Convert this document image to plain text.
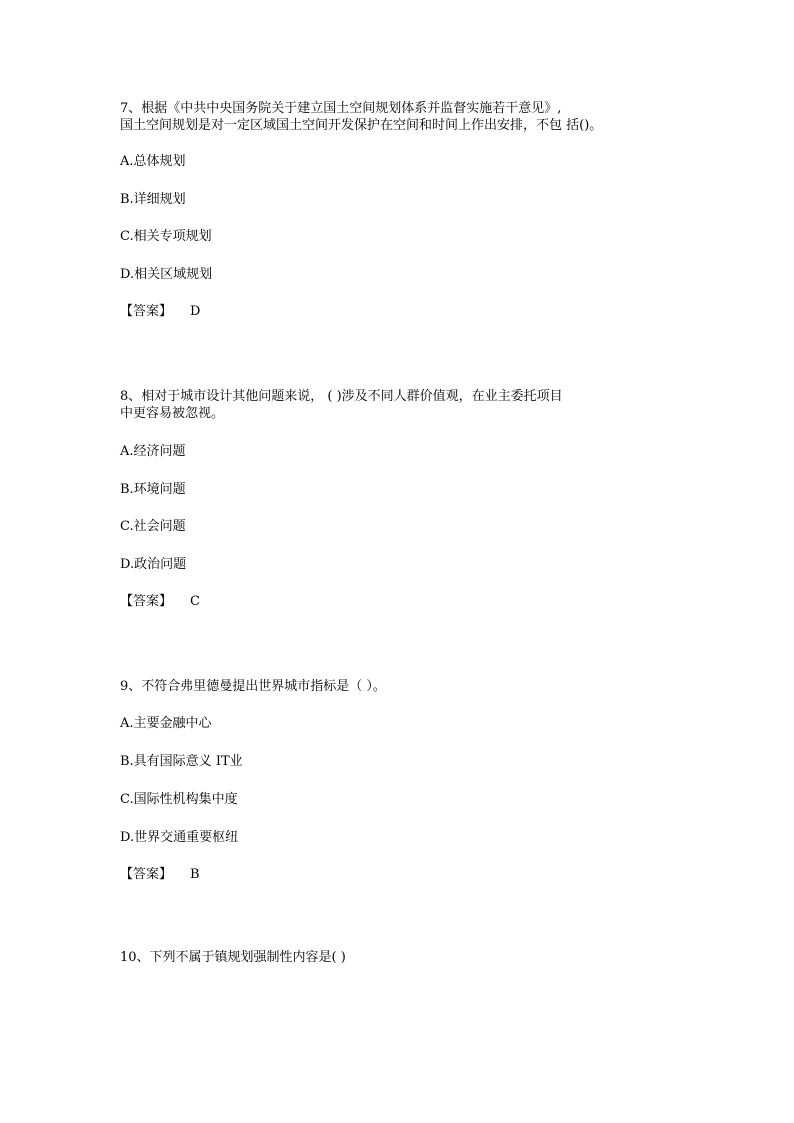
7、根据《中共中央国务院关于建立国土空间规划体系并监督实施若干意见》,
国土空间规划是对一定区域国土空间开发保护在空间和时间上作出安排，不包 括()。
A.总体规划
B.详细规划
C.相关专项规划
D.相关区域规划
【答案】 D
8、相对于城市设计其他问题来说， ( )涉及不同人群价值观，在业主委托项目
中更容易被忽视。
A.经济问题
B.环境问题
C.社会问题
D.政治问题
【答案】 C
9、不符合弗里德曼提出世界城市指标是（ ）。
A.主要金融中心
B.具有国际意义 IT业
C.国际性机构集中度
D.世界交通重要枢纽
【答案】 B
10、下列不属于镇规划强制性内容是( )
